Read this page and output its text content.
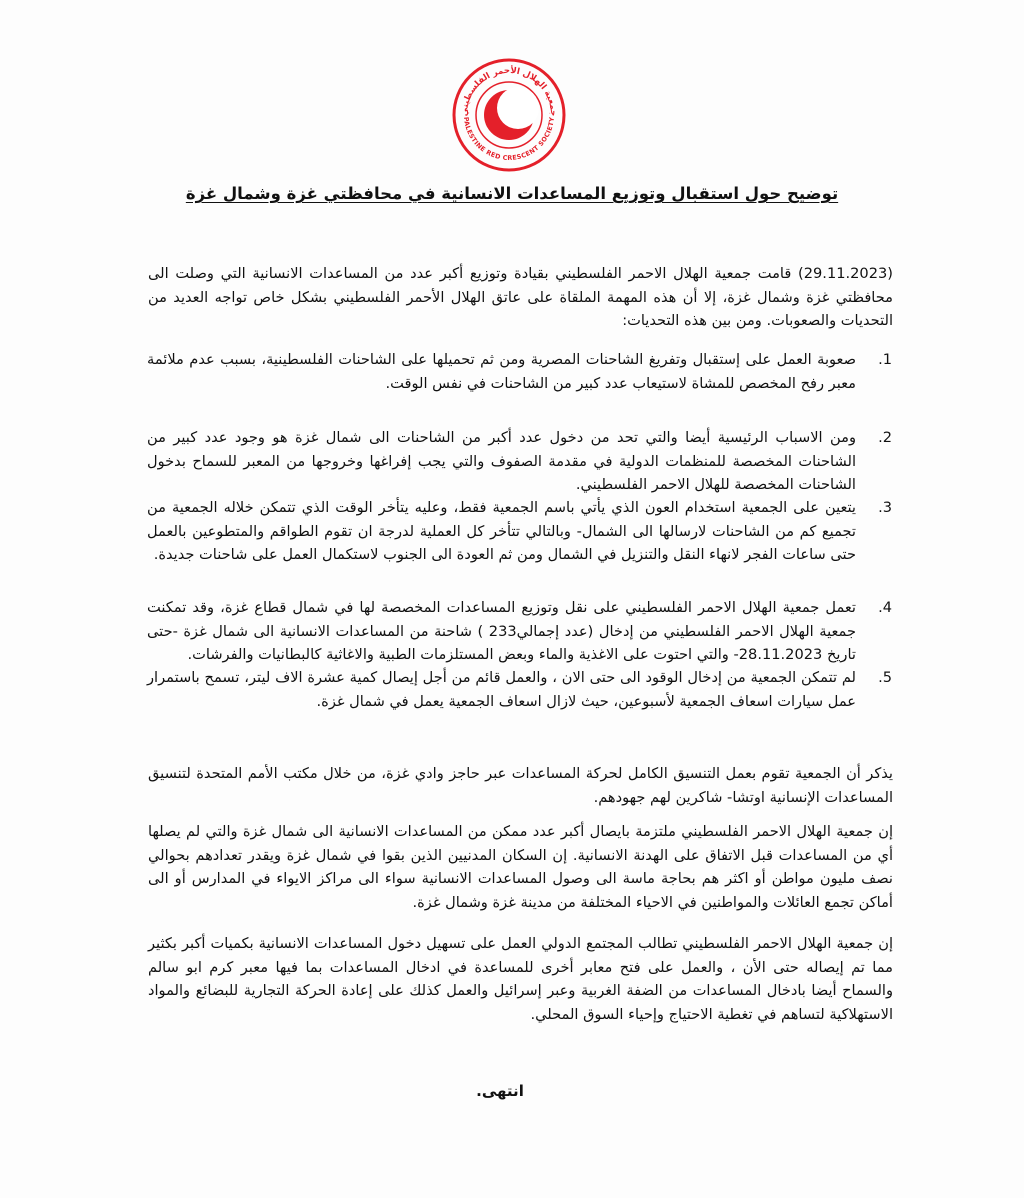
جمعية الهلال الأحمر الفلسطيني
PALESTINE RED CRESCENT SOCIETY
توضيح حول استقبال وتوزيع المساعدات الانسانية في محافظتي غزة وشمال غزة
(29.11.2023) قامت جمعية الهلال الاحمر الفلسطيني بقيادة وتوزيع أكبر عدد من المساعدات الانسانية التي وصلت الى محافظتي غزة وشمال غزة، إلا أن هذه المهمة الملقاة على عاتق الهلال الأحمر الفلسطيني بشكل خاص تواجه العديد من التحديات والصعوبات. ومن بين هذه التحديات:
1.
صعوبة العمل على إستقبال وتفريغ الشاحنات المصرية ومن ثم تحميلها على الشاحنات الفلسطينية، بسبب عدم ملائمة معبر رفح المخصص للمشاة لاستيعاب عدد كبير من الشاحنات في نفس الوقت.
2.
ومن الاسباب الرئيسية أيضا والتي تحد من دخول عدد أكبر من الشاحنات الى شمال غزة هو وجود عدد كبير من الشاحنات المخصصة للمنظمات الدولية في مقدمة الصفوف والتي يجب إفراغها وخروجها من المعبر للسماح بدخول الشاحنات المخصصة للهلال الاحمر الفلسطيني.
3.
يتعين على الجمعية استخدام العون الذي يأتي باسم الجمعية فقط، وعليه يتأخر الوقت الذي تتمكن خلاله الجمعية من تجميع كم من الشاحنات لارسالها الى الشمال- وبالتالي تتأخر كل العملية لدرجة ان تقوم الطواقم والمتطوعين بالعمل حتى ساعات الفجر لانهاء النقل والتنزيل في الشمال ومن ثم العودة الى الجنوب لاستكمال العمل على شاحنات جديدة.
4.
تعمل جمعية الهلال الاحمر الفلسطيني على نقل وتوزيع المساعدات المخصصة لها في شمال قطاع غزة، وقد تمكنت جمعية الهلال الاحمر الفلسطيني من إدخال (عدد إجمالي233 ) شاحنة من المساعدات الانسانية الى شمال غزة -حتى تاريخ 28.11.2023- والتي احتوت على الاغذية والماء وبعض المستلزمات الطبية والاغاثية كالبطانيات والفرشات.
5.
لم تتمكن الجمعية من إدخال الوقود الى حتى الان ، والعمل قائم من أجل إيصال كمية عشرة الاف ليتر، تسمح باستمرار عمل سيارات اسعاف الجمعية لأسبوعين، حيث لازال اسعاف الجمعية يعمل في شمال غزة.
يذكر أن الجمعية تقوم بعمل التنسيق الكامل لحركة المساعدات عبر حاجز وادي غزة، من خلال مكتب الأمم المتحدة لتنسيق المساعدات الإنسانية اوتشا- شاكرين لهم جهودهم.
إن جمعية الهلال الاحمر الفلسطيني ملتزمة بايصال أكبر عدد ممكن من المساعدات الانسانية الى شمال غزة والتي لم يصلها أي من المساعدات قبل الاتفاق على الهدنة الانسانية. إن السكان المدنيين الذين بقوا في شمال غزة ويقدر تعدادهم بحوالي نصف مليون مواطن أو اكثر هم بحاجة ماسة الى وصول المساعدات الانسانية سواء الى مراكز الايواء في المدارس أو الى أماكن تجمع العائلات والمواطنين في الاحياء المختلفة من مدينة غزة وشمال غزة.
إن جمعية الهلال الاحمر الفلسطيني تطالب المجتمع الدولي العمل على تسهيل دخول المساعدات الانسانية بكميات أكبر بكثير مما تم إيصاله حتى الأن ، والعمل على فتح معابر أخرى للمساعدة في ادخال المساعدات بما فيها معبر كرم ابو سالم والسماح أيضا بادخال المساعدات من الضفة الغربية وعبر إسرائيل والعمل كذلك على إعادة الحركة التجارية للبضائع والمواد الاستهلاكية لتساهم في تغطية الاحتياج وإحياء السوق المحلي.
انتهى.
